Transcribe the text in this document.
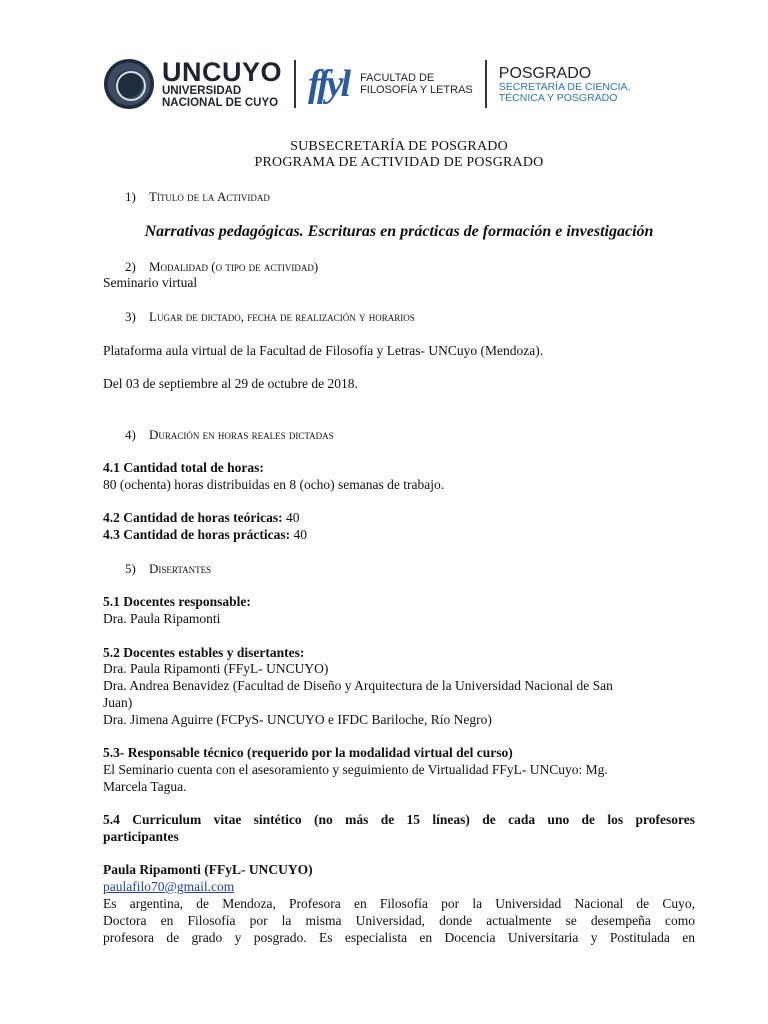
UNCUYO
UNIVERSIDAD
NACIONAL DE CUYO ffyl FACULTAD DE
FILOSOFÍA Y LETRAS
POSGRADO
SECRETARÍA DE CIENCIA,
TÉCNICA Y POSGRADO
SUBSECRETARÍA DE POSGRADO
PROGRAMA DE ACTIVIDAD DE POSGRADO
1) Título de la Actividad
Narrativas pedagógicas. Escrituras en prácticas de formación e investigación
2) Modalidad (o tipo de actividad)
Seminario virtual
3) Lugar de dictado, fecha de realización y horarios
Plataforma aula virtual de la Facultad de Filosofía y Letras- UNCuyo (Mendoza).
Del 03 de septiembre al 29 de octubre de 2018.
4) Duración en horas reales dictadas
4.1 Cantidad total de horas:
80 (ochenta) horas distribuidas en 8 (ocho) semanas de trabajo.
4.2 Cantidad de horas teóricas: 40
4.3 Cantidad de horas prácticas: 40
5) Disertantes
5.1 Docentes responsable:
Dra. Paula Ripamonti
5.2 Docentes estables y disertantes:
Dra. Paula Ripamonti (FFyL- UNCUYO)
Dra. Andrea Benavidez (Facultad de Diseño y Arquitectura de la Universidad Nacional de San
Juan)
Dra. Jimena Aguirre (FCPyS- UNCUYO e IFDC Bariloche, Río Negro)
5.3- Responsable técnico (requerido por la modalidad virtual del curso)
El Seminario cuenta con el asesoramiento y seguimiento de Virtualidad FFyL- UNCuyo: Mg.
Marcela Tagua.
5.4 Curriculum vitae sintético (no más de 15 líneas) de cada uno de los profesores
participantes
Paula Ripamonti (FFyL- UNCUYO)
paulafilo70@gmail.com
Es argentina, de Mendoza, Profesora en Filosofía por la Universidad Nacional de Cuyo,
Doctora en Filosofía por la misma Universidad, donde actualmente se desempeña como
profesora de grado y posgrado. Es especialista en Docencia Universitaria y Postitulada en
